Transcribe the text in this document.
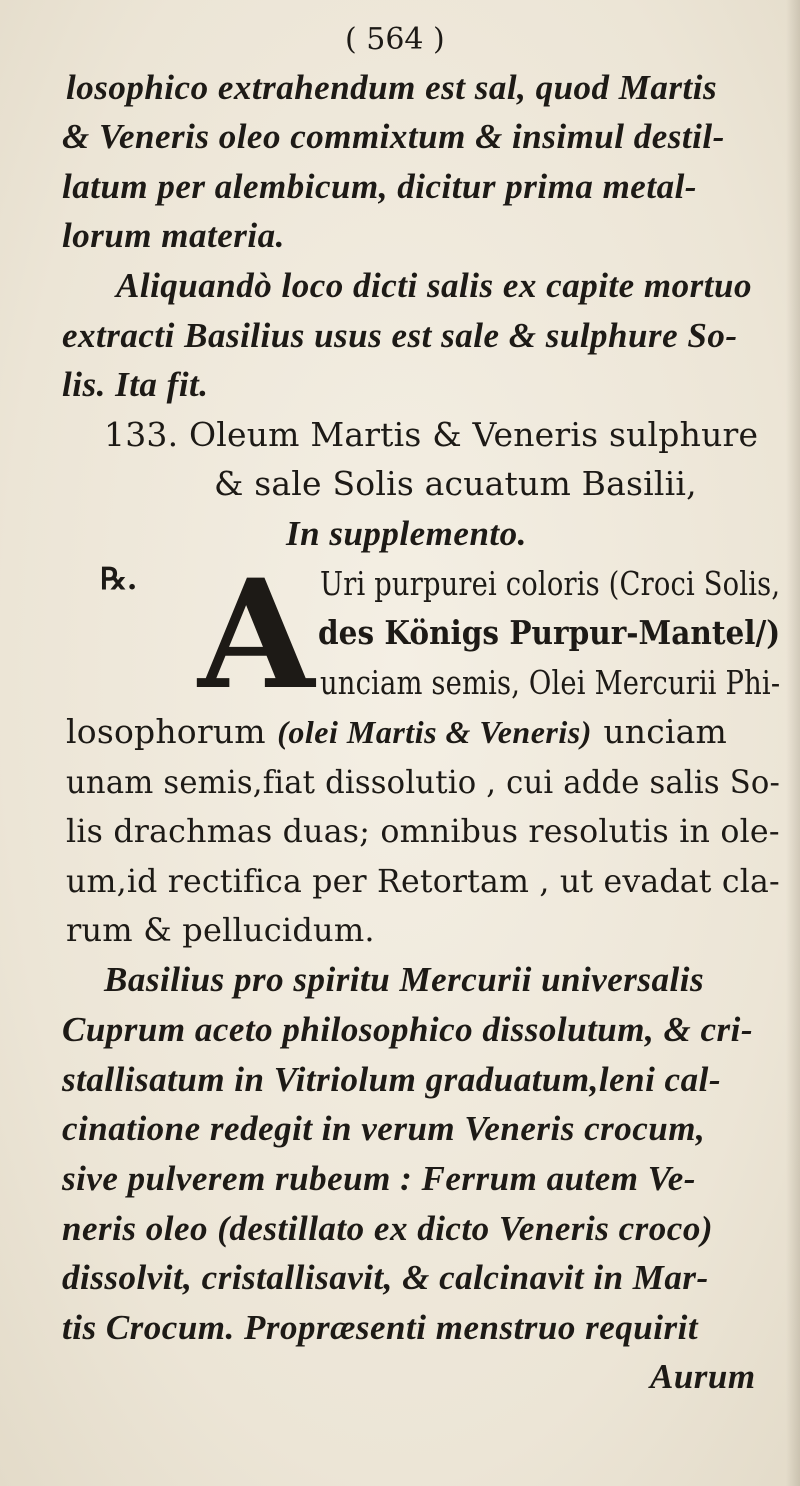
( 564 )
losophico extrahendum est sal, quod Martis
& Veneris oleo commixtum & insimul destil-
latum per alembicum, dicitur prima metal-
lorum materia.
Aliquandò loco dicti salis ex capite mortuo
extracti Basilius usus est sale & sulphure So-
lis. Ita fit.
133. Oleum Martis & Veneris sulphure
& sale Solis acuatum Basilii,
In supplemento.
℞. A Uri purpurei coloris (Croci Solis,
des Königs Purpur-Mantel/)
unciam semis, Olei Mercurii Phi-
losophorum (olei Martis & Veneris) unciam
unam semis,fiat dissolutio , cui adde salis So-
lis drachmas duas; omnibus resolutis in ole-
um,id rectifica per Retortam , ut evadat cla-
rum & pellucidum.
Basilius pro spiritu Mercurii universalis
Cuprum aceto philosophico dissolutum, & cri-
stallisatum in Vitriolum graduatum,leni cal-
cinatione redegit in verum Veneris crocum,
sive pulverem rubeum : Ferrum autem Ve-
neris oleo (destillato ex dicto Veneris croco)
dissolvit, cristallisavit, & calcinavit in Mar-
tis Crocum. Propræsenti menstruo requirit
Aurum
